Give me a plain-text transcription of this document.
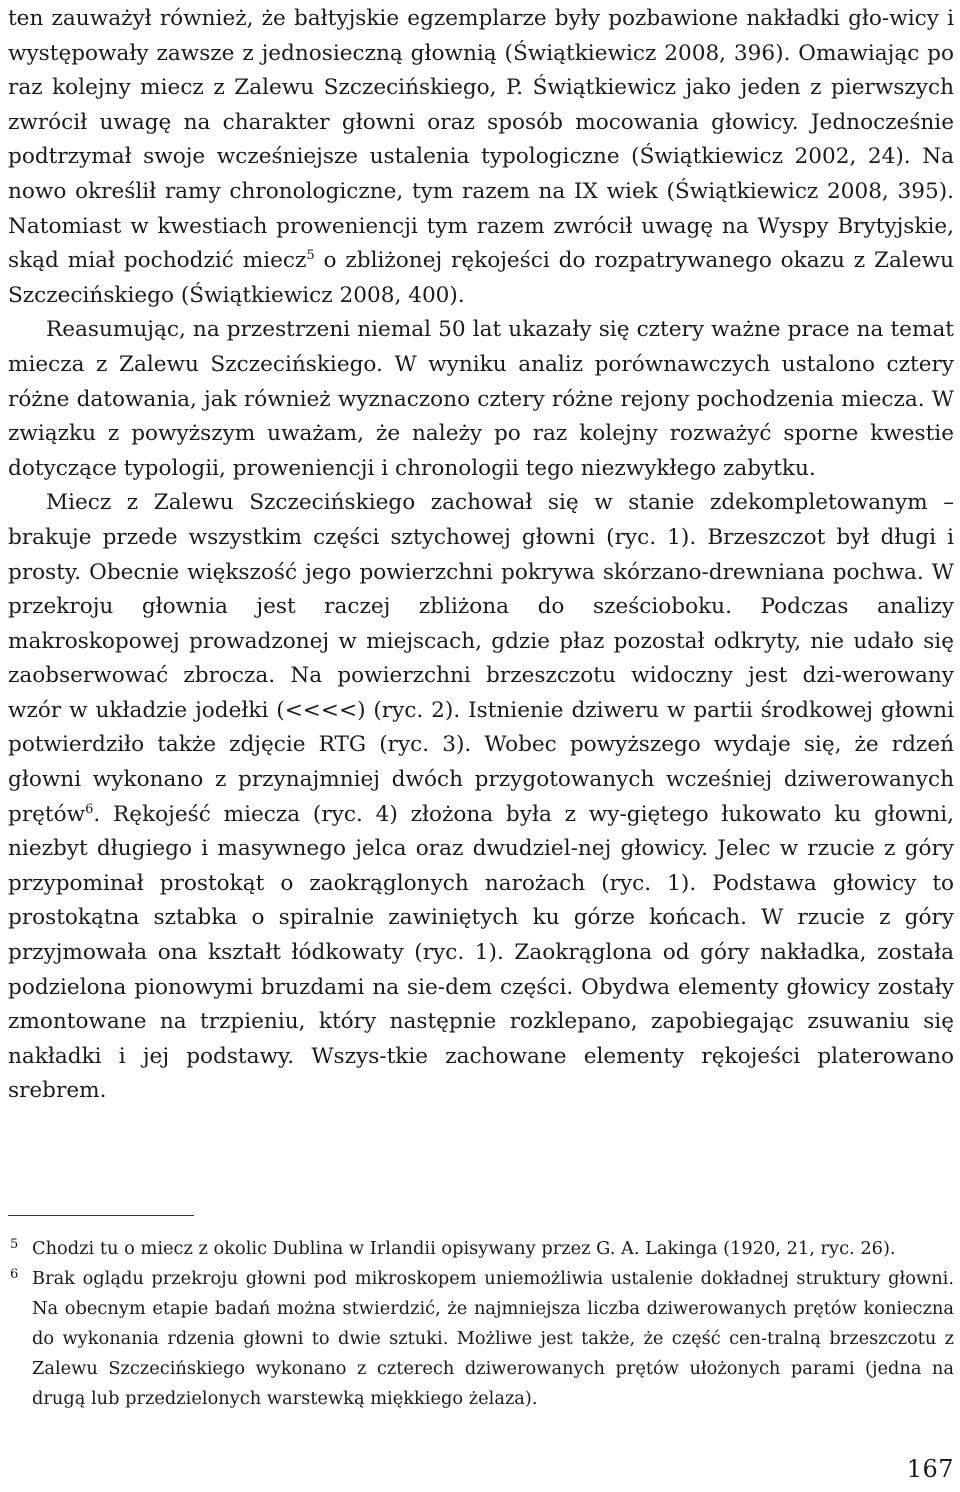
ten zauważył również, że bałtyjskie egzemplarze były pozbawione nakładki gło-wicy i występowały zawsze z jednosieczną głownią (Świątkiewicz 2008, 396). Omawiając po raz kolejny miecz z Zalewu Szczecińskiego, P. Świątkiewicz jako jeden z pierwszych zwrócił uwagę na charakter głowni oraz sposób mocowania głowicy. Jednocześnie podtrzymał swoje wcześniejsze ustalenia typologiczne (Świątkiewicz 2002, 24). Na nowo określił ramy chronologiczne, tym razem na IX wiek (Świątkiewicz 2008, 395). Natomiast w kwestiach proweniencji tym razem zwrócił uwagę na Wyspy Brytyjskie, skąd miał pochodzić miecz$^5$ o zbliżonej rękojeści do rozpatrywanego okazu z Zalewu Szczecińskiego (Świątkiewicz 2008, 400).

Reasumując, na przestrzeni niemal 50 lat ukazały się cztery ważne prace na temat miecza z Zalewu Szczecińskiego. W wyniku analiz porównawczych ustalono cztery różne datowania, jak również wyznaczono cztery różne rejony pochodzenia miecza. W związku z powyższym uważam, że należy po raz kolejny rozważyć sporne kwestie dotyczące typologii, proweniencji i chronologii tego niezwykłego zabytku.

Miecz z Zalewu Szczecińskiego zachował się w stanie zdekompletowanym – brakuje przede wszystkim części sztychowej głowni (ryc. 1). Brzeszczot był długi i prosty. Obecnie większość jego powierzchni pokrywa skórzano-drewniana pochwa. W przekroju głownia jest raczej zbliżona do sześcioboku. Podczas analizy makroskopowej prowadzonej w miejscach, gdzie płaz pozostał odkryty, nie udało się zaobserwować zbrocza. Na powierzchni brzeszczotu widoczny jest dzi-werowany wzór w układzie jodełki (<<<<) (ryc. 2). Istnienie dziweru w partii środkowej głowni potwierdziło także zdjęcie RTG (ryc. 3). Wobec powyższego wydaje się, że rdzeń głowni wykonano z przynajmniej dwóch przygotowanych wcześniej dziwerowanych prętów$^6$. Rękojeść miecza (ryc. 4) złożona była z wy-giętego łukowato ku głowni, niezbyt długiego i masywnego jelca oraz dwudziel-nej głowicy. Jelec w rzucie z góry przypominał prostokąt o zaokrąglonych narożach (ryc. 1). Podstawa głowicy to prostokątna sztabka o spiralnie zawiniętych ku górze końcach. W rzucie z góry przyjmowała ona kształt łódkowaty (ryc. 1). Zaokrąglona od góry nakładka, została podzielona pionowymi bruzdami na sie-dem części. Obydwa elementy głowicy zostały zmontowane na trzpieniu, który następnie rozklepano, zapobiegając zsuwaniu się nakładki i jej podstawy. Wszys-tkie zachowane elementy rękojeści platerowano srebrem.

5 Chodzi tu o miecz z okolic Dublina w Irlandii opisywany przez G. A. Lakinga (1920, 21, ryc. 26).
6 Brak oglądu przekroju głowni pod mikroskopem uniemożliwia ustalenie dokładnej struktury głowni. Na obecnym etapie badań można stwierdzić, że najmniejsza liczba dziwerowanych prętów konieczna do wykonania rdzenia głowni to dwie sztuki. Możliwe jest także, że część cen-tralną brzeszczotu z Zalewu Szczecińskiego wykonano z czterech dziwerowanych prętów ułożonych parami (jedna na drugą lub przedzielonych warstewką miękkiego żelaza).
167
